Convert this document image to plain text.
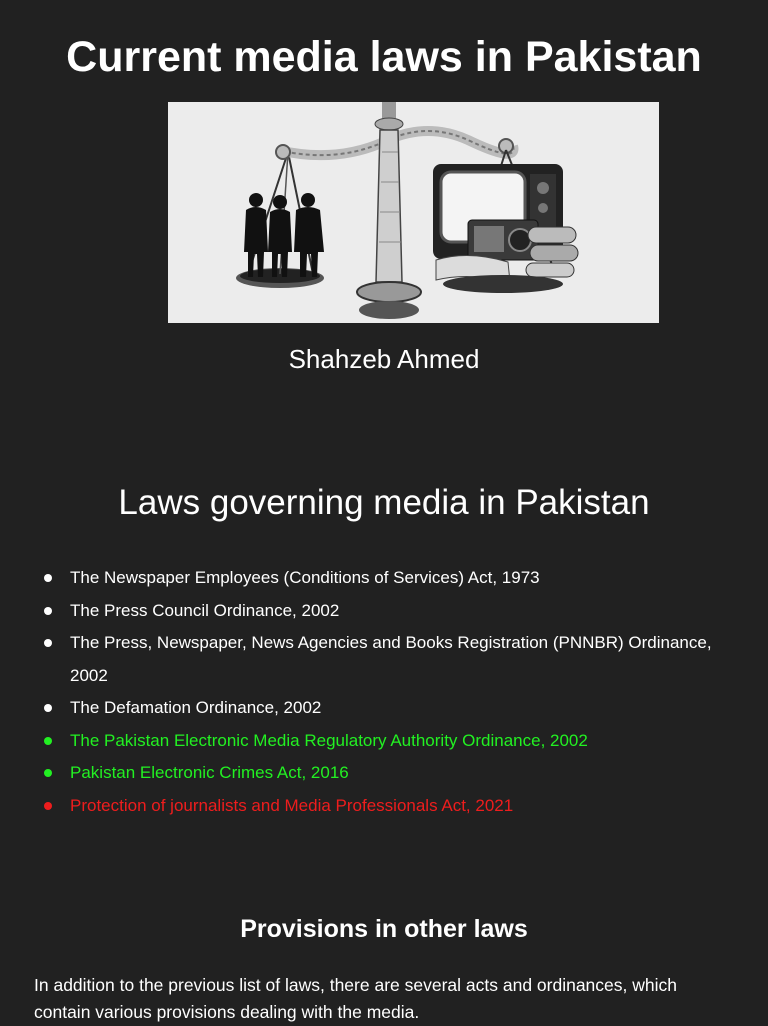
Current media laws in Pakistan
Shahzeb Ahmed
Laws governing media in Pakistan
The Newspaper Employees (Conditions of Services) Act, 1973
The Press Council Ordinance, 2002
The Press, Newspaper, News Agencies and Books Registration (PNNBR) Ordinance, 2002
The Defamation Ordinance, 2002
The Pakistan Electronic Media Regulatory Authority Ordinance, 2002
Pakistan Electronic Crimes Act, 2016
Protection of journalists and Media Professionals Act, 2021
Provisions in other laws

In addition to the previous list of laws, there are several acts and ordinances, which contain various provisions dealing with the media.
